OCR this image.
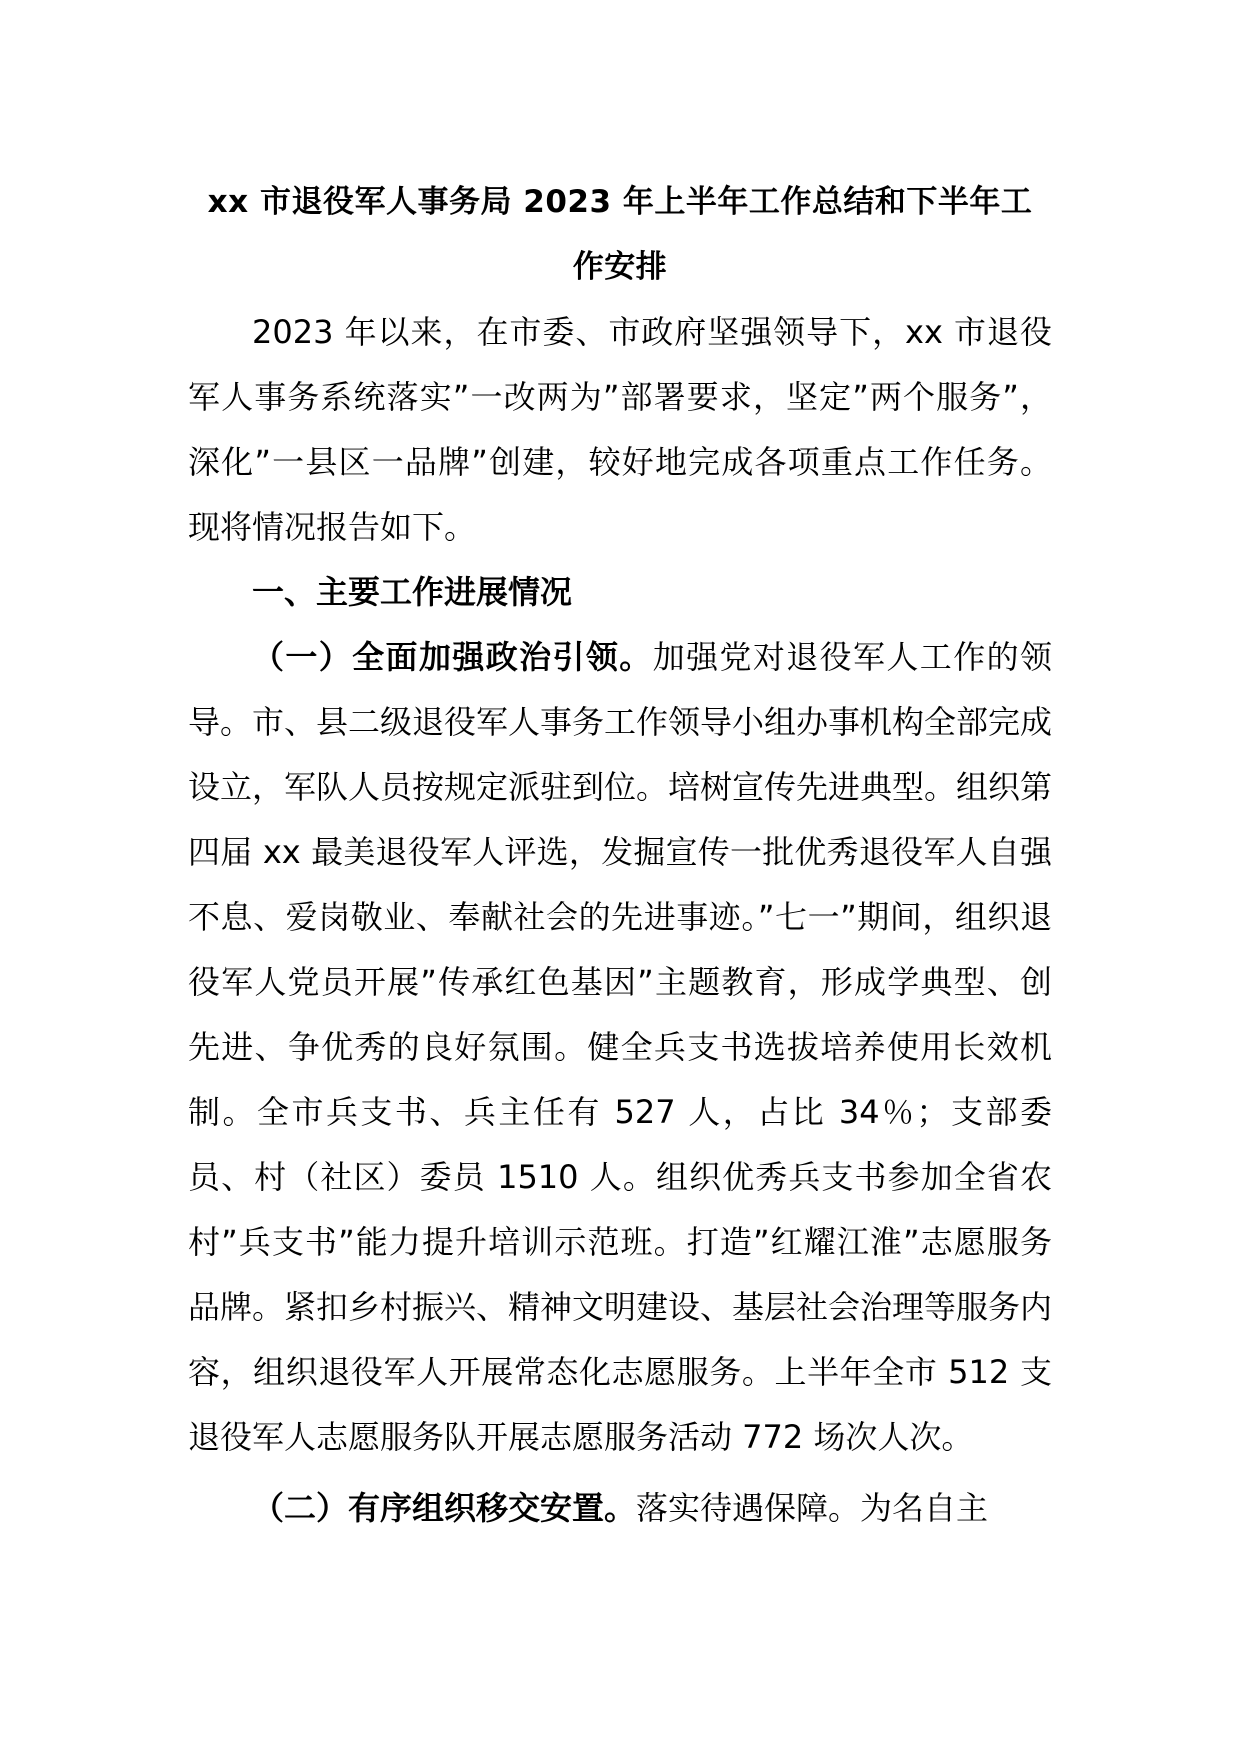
xx 市退役军人事务局 2023 年上半年工作总结和下半年工
作安排

2023 年以来，在市委、市政府坚强领导下，xx 市退役军人事务系统落实”一改两为”部署要求，坚定”两个服务”，深化”一县区一品牌”创建，较好地完成各项重点工作任务。现将情况报告如下。

一、主要工作进展情况

（一）全面加强政治引领。加强党对退役军人工作的领导。市、县二级退役军人事务工作领导小组办事机构全部完成设立，军队人员按规定派驻到位。培树宣传先进典型。组织第四届 xx 最美退役军人评选，发掘宣传一批优秀退役军人自强不息、爱岗敬业、奉献社会的先进事迹。”七一”期间，组织退役军人党员开展”传承红色基因”主题教育，形成学典型、创先进、争优秀的良好氛围。健全兵支书选拔培养使用长效机制。全市兵支书、兵主任有 527 人，占比 34％；支部委员、村（社区）委员 1510 人。组织优秀兵支书参加全省农村”兵支书”能力提升培训示范班。打造”红耀江淮”志愿服务品牌。紧扣乡村振兴、精神文明建设、基层社会治理等服务内容，组织退役军人开展常态化志愿服务。上半年全市 512 支退役军人志愿服务队开展志愿服务活动 772 场次人次。

（二）有序组织移交安置。落实待遇保障。为名自主
